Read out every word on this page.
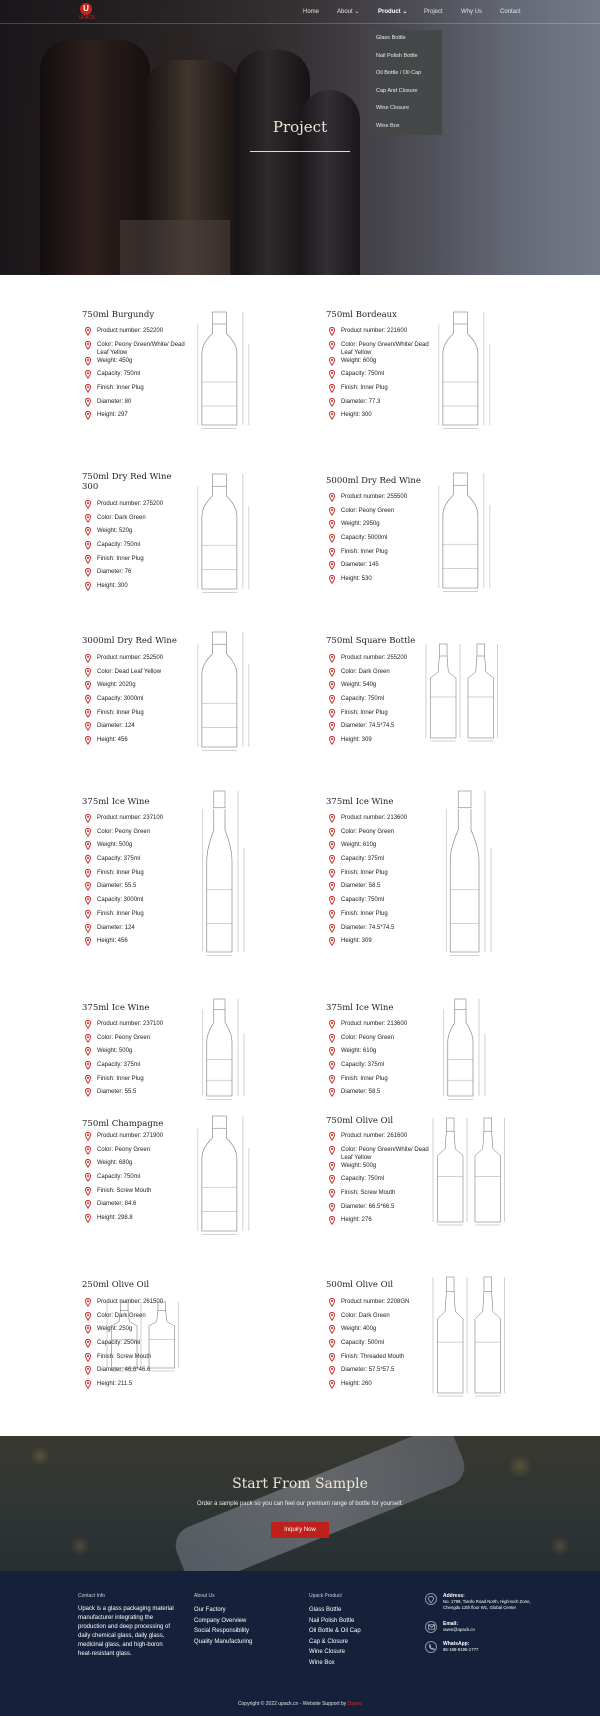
U
UPACK
Home	About ⌄	Product ⌄	Project	Why Us	Contact
Glass Bottle
Nail Polish Bottle
Oil Bottle / Oil Cap
Cap And Closure
Wine Closure
Wine Box
Project
750ml Burgundy
Product number: 252200
Color: Peony Green/White/ Dead Leaf Yellow
Weight: 450g
Capacity: 750ml
Finish: Inner Plug
Diameter: 80
Height: 297
750ml Bordeaux
Product number: 221600
Color: Peony Green/White/ Dead Leaf Yellow
Weight: 600g
Capacity: 750ml
Finish: Inner Plug
Diameter: 77.3
Height: 300
750ml Dry Red Wine 300
Product number: 275200
Color: Dark Green
Weight: 520g
Capacity: 750ml
Finish: Inner Plug
Diameter: 76
Height: 300
5000ml Dry Red Wine
Product number: 255500
Color: Peony Green
Weight: 2950g
Capacity: 5000ml
Finish: Inner Plug
Diameter: 145
Height: 530
3000ml Dry Red Wine
Product number: 252500
Color: Dead Leaf Yellow
Weight: 2020g
Capacity: 3000ml
Finish: Inner Plug
Diameter: 124
Height: 456
750ml Square Bottle
Product number: 255200
Color: Dark Green
Weight: 540g
Capacity: 750ml
Finish: Inner Plug
Diameter: 74.5*74.5
Height: 309
375ml Ice Wine
Product number: 237100
Color: Peony Green
Weight: 500g
Capacity: 375ml
Finish: Inner Plug
Diameter: 55.5
Capacity: 3000ml
Finish: Inner Plug
Diameter: 124
Height: 456
375ml Ice Wine
Product number: 213600
Color: Peony Green
Weight: 610g
Capacity: 375ml
Finish: Inner Plug
Diameter: 58.5
Capacity: 750ml
Finish: Inner Plug
Diameter: 74.5*74.5
Height: 309
375ml Ice Wine
Product number: 237100
Color: Peony Green
Weight: 500g
Capacity: 375ml
Finish: Inner Plug
Diameter: 55.5
375ml Ice Wine
Product number: 213600
Color: Peony Green
Weight: 610g
Capacity: 375ml
Finish: Inner Plug
Diameter: 58.5
750ml Champagne
Product number: 271900
Color: Peony Green
Weight: 680g
Capacity: 750ml
Finish: Screw Mouth
Diameter: 84.6
Height: 298.8
750ml Olive Oil
Product number: 261600
Color: Peony Green/White/ Dead Leaf Yellow
Weight: 500g
Capacity: 750ml
Finish: Screw Mouth
Diameter: 66.5*66.5
Height: 276
250ml Olive Oil
Product number: 261500
Color: Dark Green
Weight: 250g
Capacity: 250ml
Finish: Screw Mouth
Diameter: 46.6*46.6
Height: 211.5
500ml Olive Oil
Product number: 2208GN
Color: Dark Green
Weight: 400g
Capacity: 500ml
Finish: Threaded Mouth
Diameter: 57.5*57.5
Height: 260
Start From Sample
Order a sample pack so you can feel our premium range of bottle for yourself.
Inquiry Now
Contact Info
Upack is a glass packaging material manufacturer integrating the production and deep processing of daily chemical glass, daily glass, medicinal glass, and high-boron heat-resistant glass.
About Us
Our Factory
Company Overview
Social Responsibility
Quality Manufacturing
Upack Product
Glass Bottle
Nail Polish Bottle
Oil Bottle & Oil Cap
Cap & Closure
Wine Closure
Wine Box
Address:
No. 1799, Tianfu Road North, High-tech Zone, Chengdu 12th floor W1, Global Center
Email:
owen@upack.cn
WhatsApp:
86-158-8195-1777
Copyright © 2022 upack.cn - Website Support by Dayoo
